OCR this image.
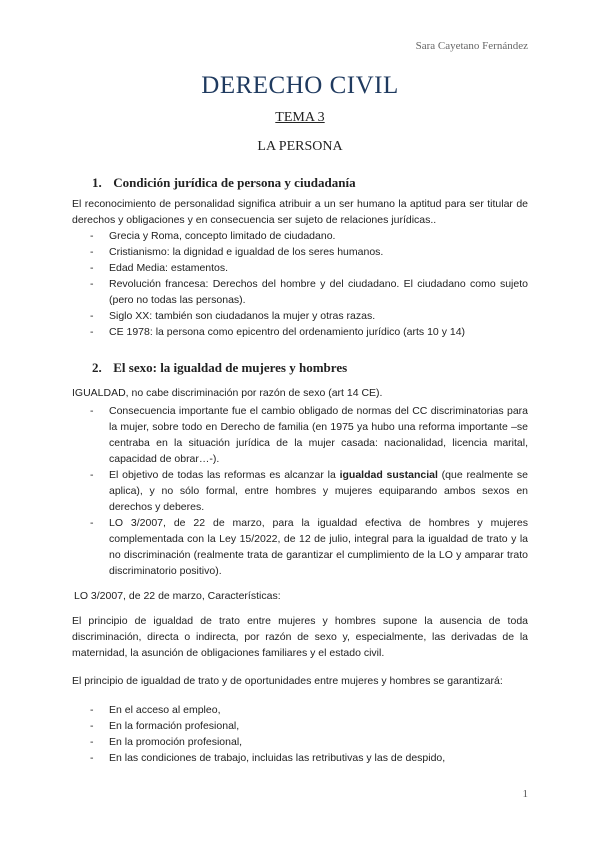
Sara Cayetano Fernández
DERECHO CIVIL
TEMA 3
LA PERSONA
1. Condición jurídica de persona y ciudadanía
El reconocimiento de personalidad significa atribuir a un ser humano la aptitud para ser titular de derechos y obligaciones y en consecuencia ser sujeto de relaciones jurídicas..
- Grecia y Roma, concepto limitado de ciudadano.
- Cristianismo: la dignidad e igualdad de los seres humanos.
- Edad Media: estamentos.
- Revolución francesa: Derechos del hombre y del ciudadano. El ciudadano como sujeto (pero no todas las personas).
- Siglo XX: también son ciudadanos la mujer y otras razas.
- CE 1978: la persona como epicentro del ordenamiento jurídico (arts 10 y 14)
2. El sexo: la igualdad de mujeres y hombres
IGUALDAD, no cabe discriminación por razón de sexo (art 14 CE).
- Consecuencia importante fue el cambio obligado de normas del CC discriminatorias para la mujer, sobre todo en Derecho de familia (en 1975 ya hubo una reforma importante –se centraba en la situación jurídica de la mujer casada: nacionalidad, licencia marital, capacidad de obrar…-).
- El objetivo de todas las reformas es alcanzar la igualdad sustancial (que realmente se aplica), y no sólo formal, entre hombres y mujeres equiparando ambos sexos en derechos y deberes.
- LO 3/2007, de 22 de marzo, para la igualdad efectiva de hombres y mujeres complementada con la Ley 15/2022, de 12 de julio, integral para la igualdad de trato y la no discriminación (realmente trata de garantizar el cumplimiento de la LO y amparar trato discriminatorio positivo).
LO 3/2007, de 22 de marzo, Características:
El principio de igualdad de trato entre mujeres y hombres supone la ausencia de toda discriminación, directa o indirecta, por razón de sexo y, especialmente, las derivadas de la maternidad, la asunción de obligaciones familiares y el estado civil.
El principio de igualdad de trato y de oportunidades entre mujeres y hombres se garantizará:
- En el acceso al empleo,
- En la formación profesional,
- En la promoción profesional,
- En las condiciones de trabajo, incluidas las retributivas y las de despido,
1
